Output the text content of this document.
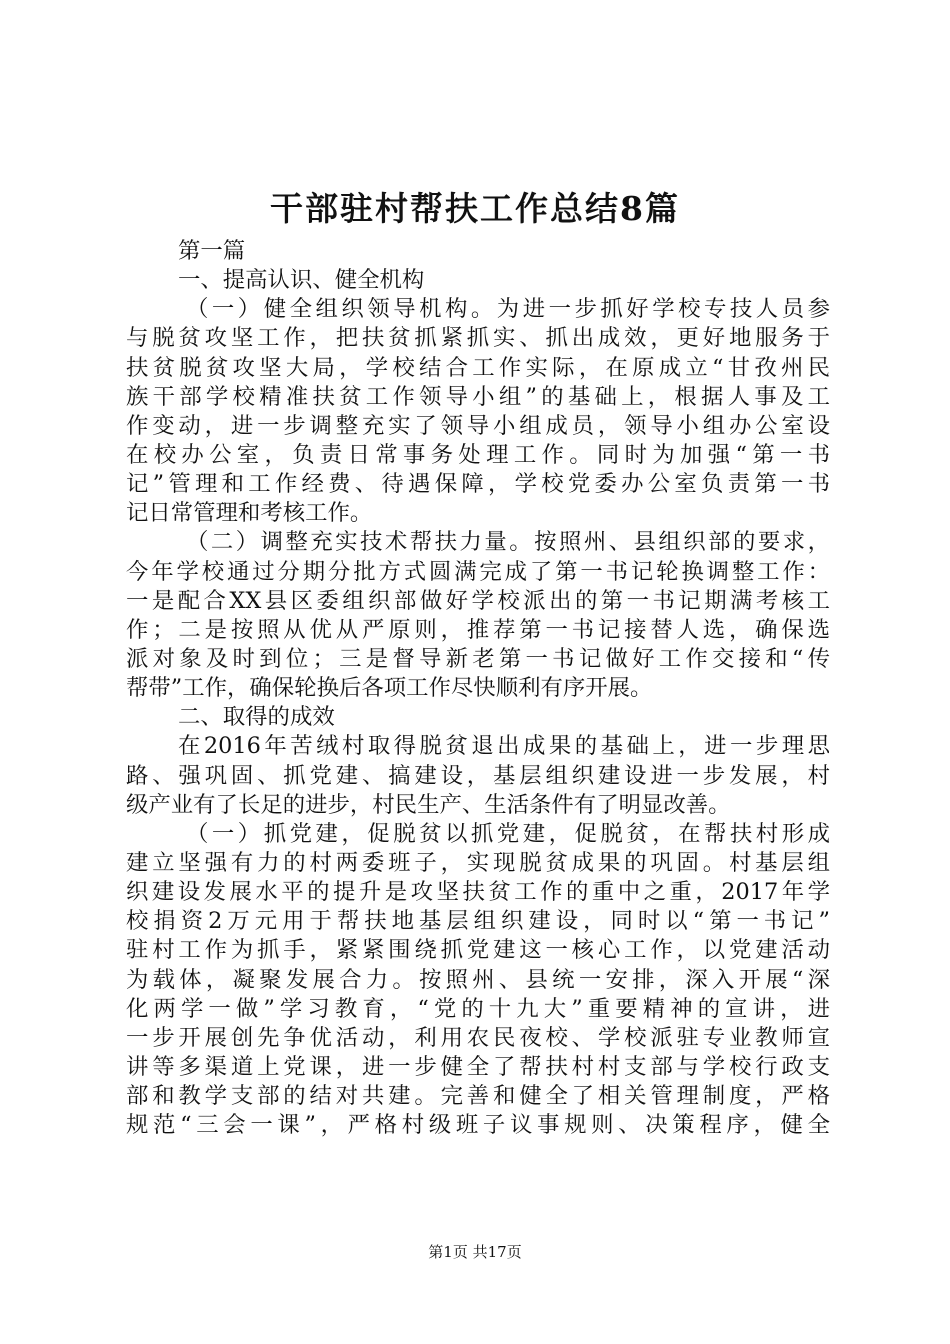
干部驻村帮扶工作总结8篇
第一篇
一、提高认识、健全机构
（一）健全组织领导机构。为进一步抓好学校专技人员参
与脱贫攻坚工作，把扶贫抓紧抓实、抓出成效，更好地服务于
扶贫脱贫攻坚大局，学校结合工作实际，在原成立“甘孜州民
族干部学校精准扶贫工作领导小组”的基础上，根据人事及工
作变动，进一步调整充实了领导小组成员，领导小组办公室设
在校办公室，负责日常事务处理工作。同时为加强“第一书
记”管理和工作经费、待遇保障，学校党委办公室负责第一书
记日常管理和考核工作。
（二）调整充实技术帮扶力量。按照州、县组织部的要求，
今年学校通过分期分批方式圆满完成了第一书记轮换调整工作：
一是配合XX县区委组织部做好学校派出的第一书记期满考核工
作；二是按照从优从严原则，推荐第一书记接替人选，确保选
派对象及时到位；三是督导新老第一书记做好工作交接和“传
帮带”工作，确保轮换后各项工作尽快顺利有序开展。
二、取得的成效
在2016年苦绒村取得脱贫退出成果的基础上，进一步理思
路、强巩固、抓党建、搞建设，基层组织建设进一步发展，村
级产业有了长足的进步，村民生产、生活条件有了明显改善。
（一）抓党建，促脱贫以抓党建，促脱贫，在帮扶村形成
建立坚强有力的村两委班子，实现脱贫成果的巩固。村基层组
织建设发展水平的提升是攻坚扶贫工作的重中之重，2017年学
校捐资2万元用于帮扶地基层组织建设，同时以“第一书记”
驻村工作为抓手，紧紧围绕抓党建这一核心工作，以党建活动
为载体，凝聚发展合力。按照州、县统一安排，深入开展“深
化两学一做”学习教育，“党的十九大”重要精神的宣讲，进
一步开展创先争优活动，利用农民夜校、学校派驻专业教师宣
讲等多渠道上党课，进一步健全了帮扶村村支部与学校行政支
部和教学支部的结对共建。完善和健全了相关管理制度，严格
规范“三会一课”，严格村级班子议事规则、决策程序，健全
第1页 共17页
